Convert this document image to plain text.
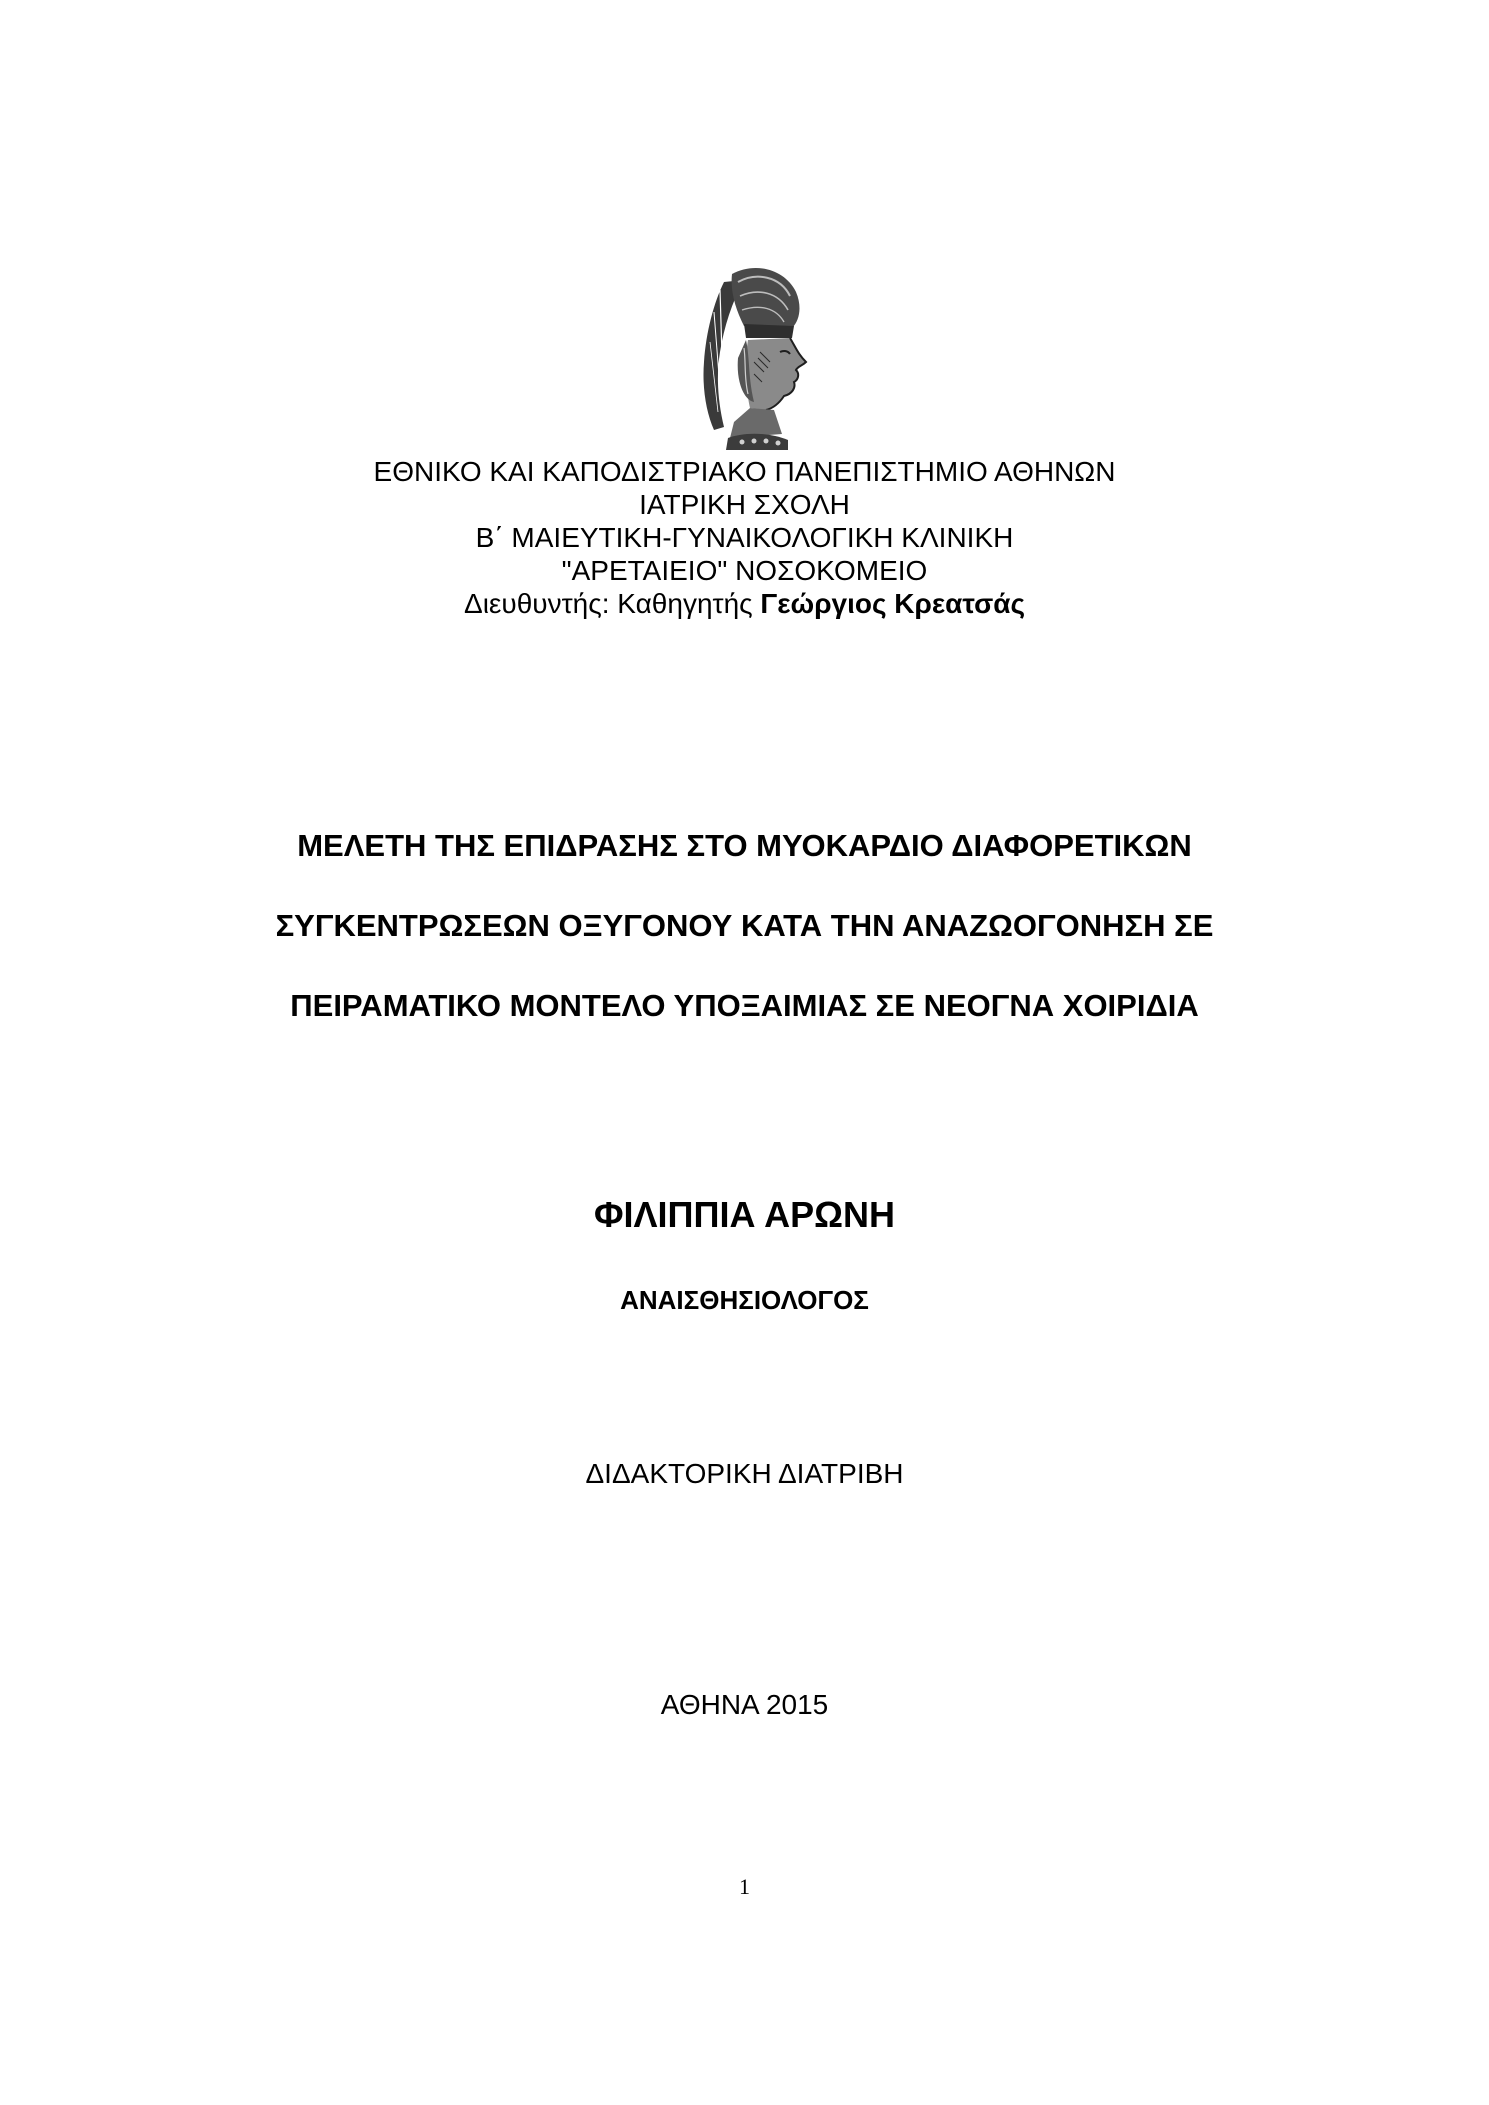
ΕΘΝΙΚΟ ΚΑΙ ΚΑΠΟΔΙΣΤΡΙΑΚΟ ΠΑΝΕΠΙΣΤΗΜΙΟ ΑΘΗΝΩΝ
ΙΑΤΡΙΚΗ ΣΧΟΛΗ
Β΄ ΜΑΙΕΥΤΙΚΗ-ΓΥΝΑΙΚΟΛΟΓΙΚΗ ΚΛΙΝΙΚΗ
"ΑΡΕΤΑΙΕΙΟ" ΝΟΣΟΚΟΜΕΙΟ
Διευθυντής: Καθηγητής Γεώργιος Κρεατσάς
ΜΕΛΕΤΗ ΤΗΣ ΕΠΙΔΡΑΣΗΣ ΣΤΟ ΜΥΟΚΑΡΔΙΟ ΔΙΑΦΟΡΕΤΙΚΩΝ
ΣΥΓΚΕΝΤΡΩΣΕΩΝ ΟΞΥΓΟΝΟΥ ΚΑΤΑ ΤΗΝ ΑΝΑΖΩΟΓΟΝΗΣΗ ΣΕ
ΠΕΙΡΑΜΑΤΙΚΟ ΜΟΝΤΕΛΟ ΥΠΟΞΑΙΜΙΑΣ ΣΕ ΝΕΟΓΝΑ ΧΟΙΡΙΔΙΑ
ΦΙΛΙΠΠΙΑ ΑΡΩΝΗ
ΑΝΑΙΣΘΗΣΙΟΛΟΓΟΣ
ΔΙΔΑΚΤΟΡΙΚΗ ΔΙΑΤΡΙΒΗ
ΑΘΗΝΑ 2015
1
